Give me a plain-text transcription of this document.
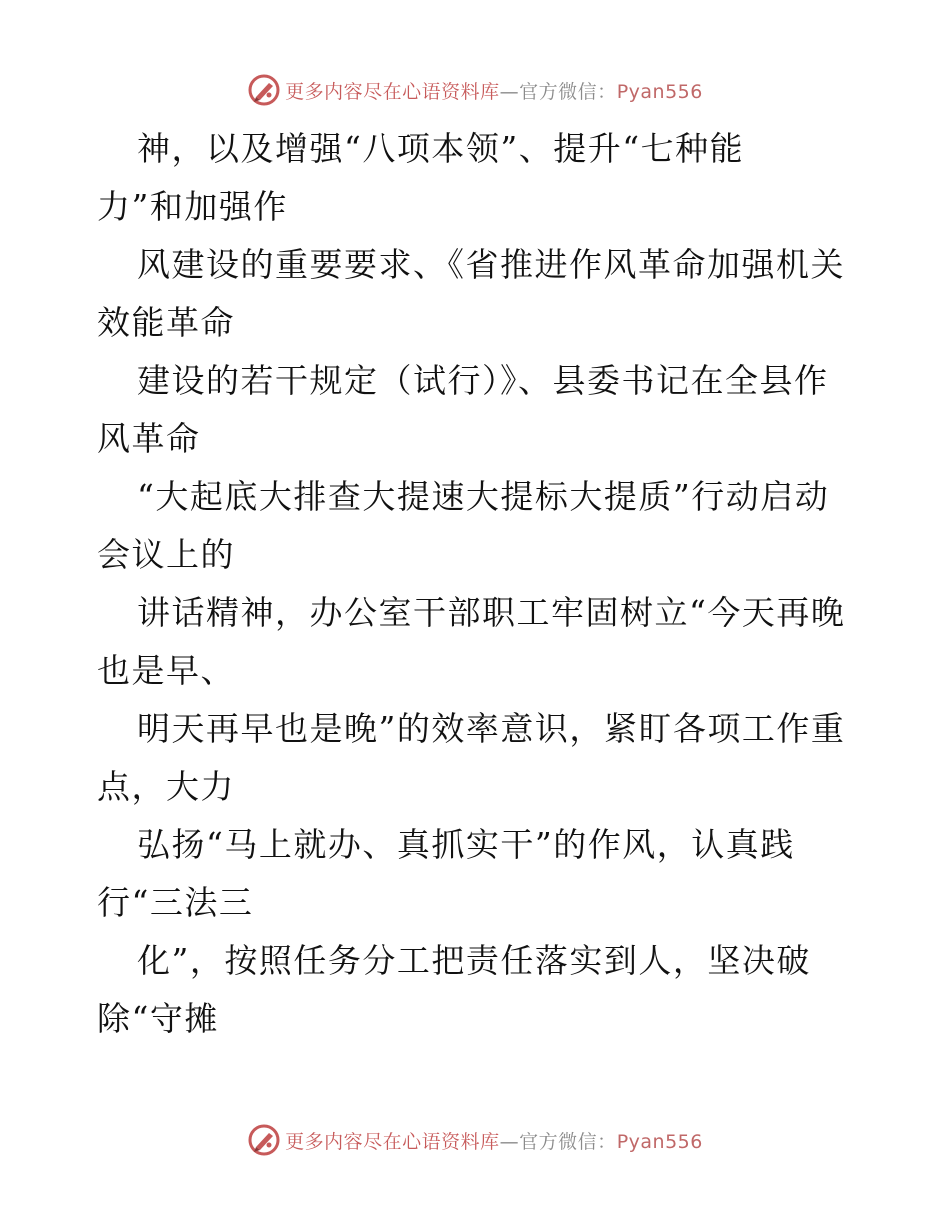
更多内容尽在心语资料库—官方微信：Pyan556
神，以及增强“八项本领”、提升“七种能
力”和加强作
风建设的重要要求、《省推进作风革命加强机关
效能革命
建设的若干规定（试行）》、县委书记在全县作
风革命
“大起底大排查大提速大提标大提质”行动启动
会议上的
讲话精神，办公室干部职工牢固树立“今天再晚
也是早、
明天再早也是晚”的效率意识，紧盯各项工作重
点，大力
弘扬“马上就办、真抓实干”的作风，认真践
行“三法三
化”，按照任务分工把责任落实到人，坚决破
除“守摊
更多内容尽在心语资料库—官方微信：Pyan556
